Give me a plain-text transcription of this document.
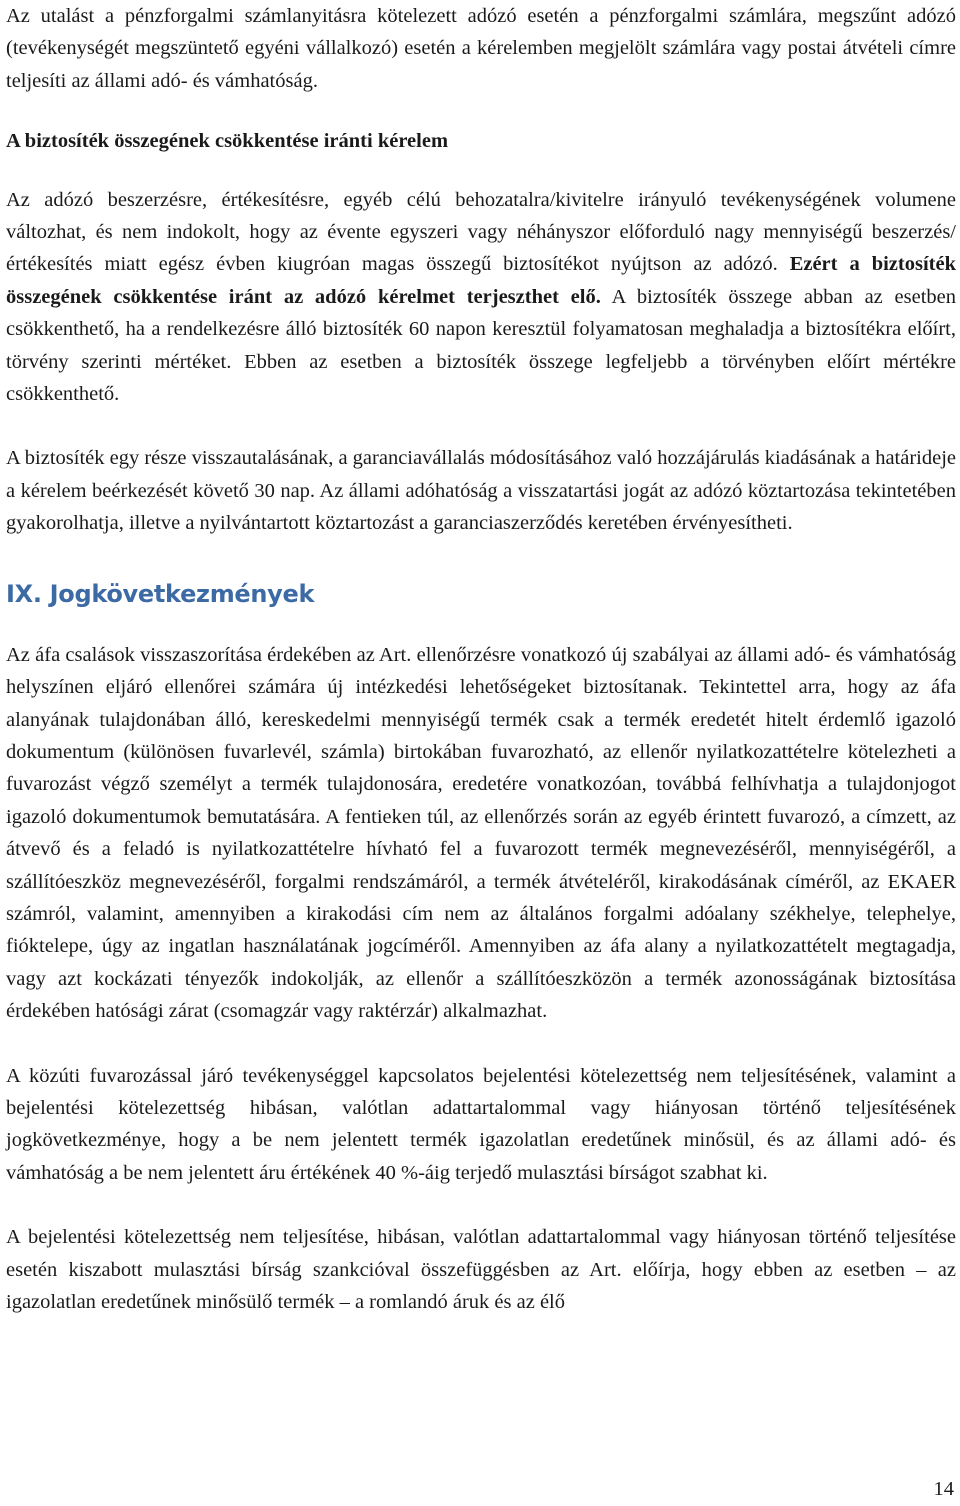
Az utalást a pénzforgalmi számlanyitásra kötelezett adózó esetén a pénzforgalmi számlára, megszűnt adózó (tevékenységét megszüntető egyéni vállalkozó) esetén a kérelemben megjelölt számlára vagy postai átvételi címre teljesíti az állami adó- és vámhatóság.

A biztosíték összegének csökkentése iránti kérelem

Az adózó beszerzésre, értékesítésre, egyéb célú behozatalra/kivitelre irányuló tevékenységének volumene változhat, és nem indokolt, hogy az évente egyszeri vagy néhányszor előforduló nagy mennyiségű beszerzés/értékesítés miatt egész évben kiugróan magas összegű biztosítékot nyújtson az adózó. Ezért a biztosíték összegének csökkentése iránt az adózó kérelmet terjeszthet elő. A biztosíték összege abban az esetben csökkenthető, ha a rendelkezésre álló biztosíték 60 napon keresztül folyamatosan meghaladja a biztosítékra előírt, törvény szerinti mértéket. Ebben az esetben a biztosíték összege legfeljebb a törvényben előírt mértékre csökkenthető.

A biztosíték egy része visszautalásának, a garanciavállalás módosításához való hozzájárulás kiadásának a határideje a kérelem beérkezését követő 30 nap. Az állami adóhatóság a visszatartási jogát az adózó köztartozása tekintetében gyakorolhatja, illetve a nyilvántartott köztartozást a garanciaszerződés keretében érvényesítheti.

IX. Jogkövetkezmények

Az áfa csalások visszaszorítása érdekében az Art. ellenőrzésre vonatkozó új szabályai az állami adó- és vámhatóság helyszínen eljáró ellenőrei számára új intézkedési lehetőségeket biztosítanak. Tekintettel arra, hogy az áfa alanyának tulajdonában álló, kereskedelmi mennyiségű termék csak a termék eredetét hitelt érdemlő igazoló dokumentum (különösen fuvarlevél, számla) birtokában fuvarozható, az ellenőr nyilatkozattételre kötelezheti a fuvarozást végző személyt a termék tulajdonosára, eredetére vonatkozóan, továbbá felhívhatja a tulajdonjogot igazoló dokumentumok bemutatására. A fentieken túl, az ellenőrzés során az egyéb érintett fuvarozó, a címzett, az átvevő és a feladó is nyilatkozattételre hívható fel a fuvarozott termék megnevezéséről, mennyiségéről, a szállítóeszköz megnevezéséről, forgalmi rendszámáról, a termék átvételéről, kirakodásának címéről, az EKAER számról, valamint, amennyiben a kirakodási cím nem az általános forgalmi adóalany székhelye, telephelye, fióktelepe, úgy az ingatlan használatának jogcíméről. Amennyiben az áfa alany a nyilatkozattételt megtagadja, vagy azt kockázati tényezők indokolják, az ellenőr a szállítóeszközön a termék azonosságának biztosítása érdekében hatósági zárat (csomagzár vagy raktérzár) alkalmazhat.

A közúti fuvarozással járó tevékenységgel kapcsolatos bejelentési kötelezettség nem teljesítésének, valamint a bejelentési kötelezettség hibásan, valótlan adattartalommal vagy hiányosan történő teljesítésének jogkövetkezménye, hogy a be nem jelentett termék igazolatlan eredetűnek minősül, és az állami adó- és vámhatóság a be nem jelentett áru értékének 40 %-áig terjedő mulasztási bírságot szabhat ki.

A bejelentési kötelezettség nem teljesítése, hibásan, valótlan adattartalommal vagy hiányosan történő teljesítése esetén kiszabott mulasztási bírság szankcióval összefüggésben az Art. előírja, hogy ebben az esetben – az igazolatlan eredetűnek minősülő termék – a romlandó áruk és az élő

14
